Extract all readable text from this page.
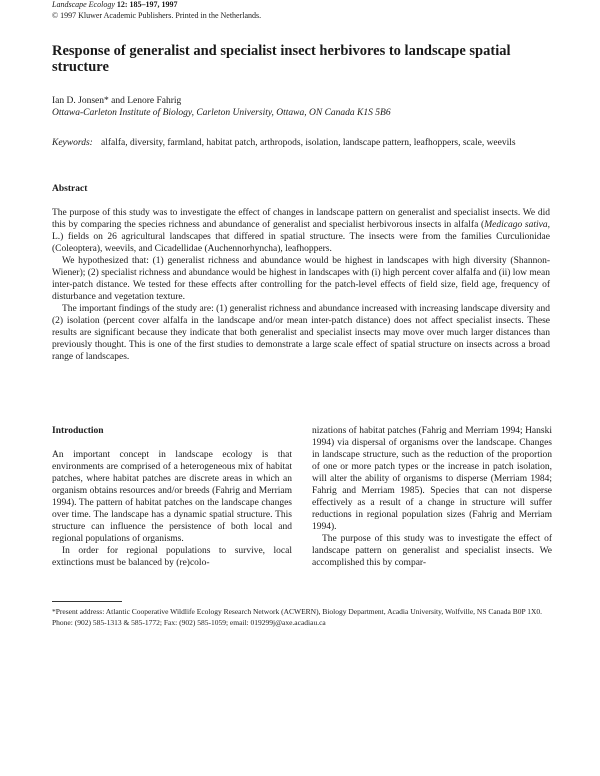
Landscape Ecology 12: 185–197, 1997
© 1997 Kluwer Academic Publishers. Printed in the Netherlands.
Response of generalist and specialist insect herbivores to landscape spatial structure
Ian D. Jonsen* and Lenore Fahrig
Ottawa-Carleton Institute of Biology, Carleton University, Ottawa, ON Canada K1S 5B6
Keywords: alfalfa, diversity, farmland, habitat patch, arthropods, isolation, landscape pattern, leafhoppers, scale, weevils
Abstract

The purpose of this study was to investigate the effect of changes in landscape pattern on generalist and specialist insects. We did this by comparing the species richness and abundance of generalist and specialist herbivorous insects in alfalfa (Medicago sativa, L.) fields on 26 agricultural landscapes that differed in spatial structure. The insects were from the families Curculionidae (Coleoptera), weevils, and Cicadellidae (Auchennorhyncha), leafhoppers.

We hypothesized that: (1) generalist richness and abundance would be highest in landscapes with high diversity (Shannon-Wiener); (2) specialist richness and abundance would be highest in landscapes with (i) high percent cover alfalfa and (ii) low mean inter-patch distance. We tested for these effects after controlling for the patch-level effects of field size, field age, frequency of disturbance and vegetation texture.

The important findings of the study are: (1) generalist richness and abundance increased with increasing landscape diversity and (2) isolation (percent cover alfalfa in the landscape and/or mean inter-patch distance) does not affect specialist insects. These results are significant because they indicate that both generalist and specialist insects may move over much larger distances than previously thought. This is one of the first studies to demonstrate a large scale effect of spatial structure on insects across a broad range of landscapes.

Introduction

An important concept in landscape ecology is that environments are comprised of a heterogeneous mix of habitat patches, where habitat patches are discrete areas in which an organism obtains resources and/or breeds (Fahrig and Merriam 1994). The pattern of habitat patches on the landscape changes over time. The landscape has a dynamic spatial structure. This structure can influence the persistence of both local and regional populations of organisms.

In order for regional populations to survive, local extinctions must be balanced by (re)colo-

nizations of habitat patches (Fahrig and Merriam 1994; Hanski 1994) via dispersal of organisms over the landscape. Changes in landscape structure, such as the reduction of the proportion of one or more patch types or the increase in patch isolation, will alter the ability of organisms to disperse (Merriam 1984; Fahrig and Merriam 1985). Species that can not disperse effectively as a result of a change in structure will suffer reductions in regional population sizes (Fahrig and Merriam 1994).

The purpose of this study was to investigate the effect of landscape pattern on generalist and specialist insects. We accomplished this by compar-

*Present address: Atlantic Cooperative Wildlife Ecology Research Network (ACWERN), Biology Department, Acadia University, Wolfville, NS Canada B0P 1X0. Phone: (902) 585-1313 & 585-1772; Fax: (902) 585-1059; email: 019299j@axe.acadiau.ca
